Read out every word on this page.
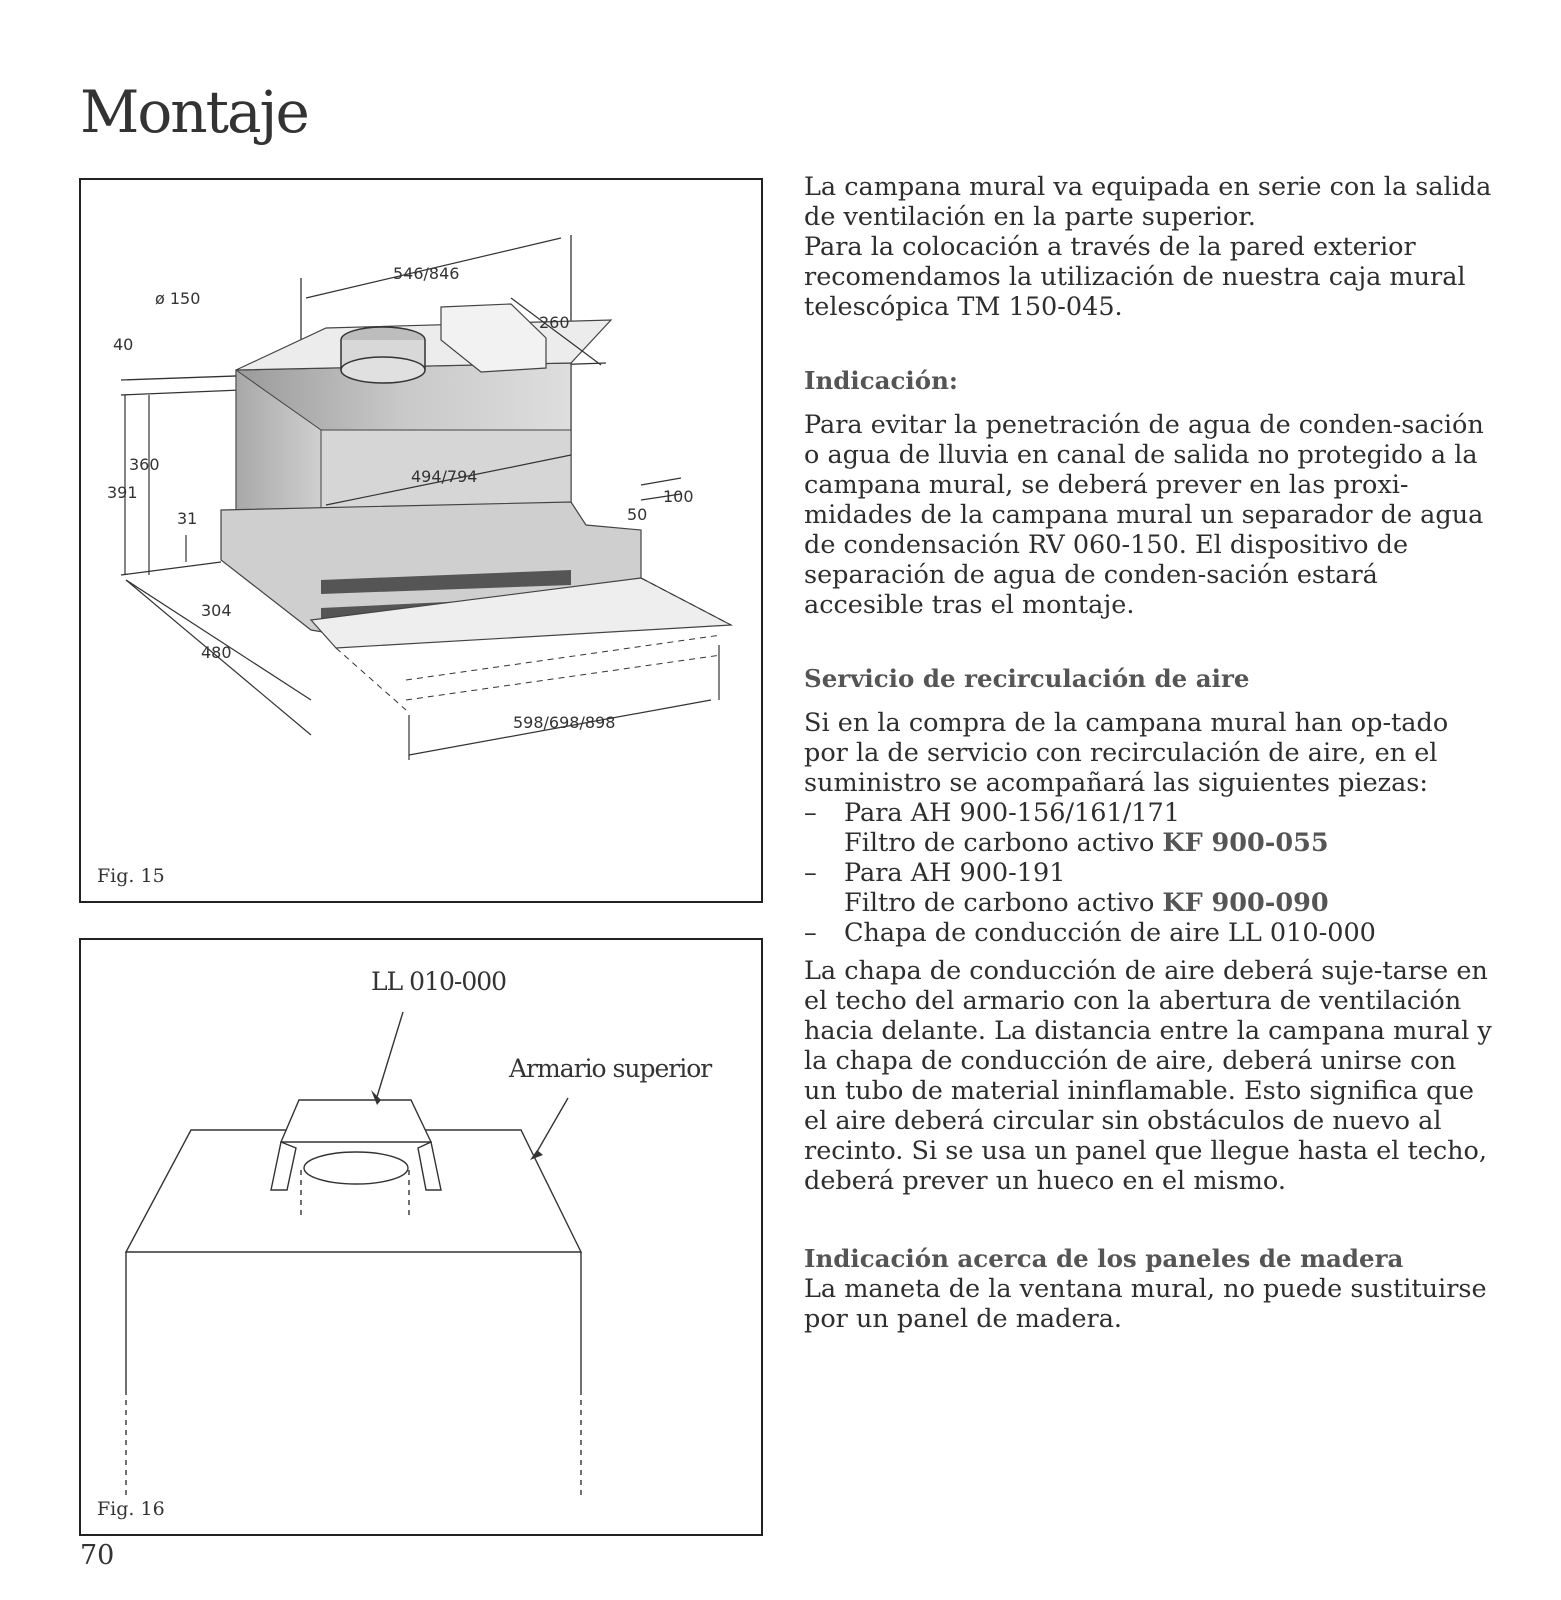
Montaje
546/846
ø 150
260
40
360
391
31
494/794
100
50
304
480
598/698/898
Fig. 15
LL 010-000
Armario superior
Fig. 16

La campana mural va equipada en serie con la salida de ventilación en la parte superior.

Para la colocación a través de la pared exterior recomendamos la utilización de nuestra caja mural telescópica TM 150-045.

Indicación:

Para evitar la penetración de agua de conden-sación o agua de lluvia en canal de salida no protegido a la campana mural, se deberá prever en las proxi-midades de la campana mural un separador de agua de condensación RV 060-150. El dispositivo de separación de agua de conden-sación estará accesible tras el montaje.

Servicio de recirculación de aire

Si en la compra de la campana mural han op-tado por la de servicio con recirculación de aire, en el suministro se acompañará las siguientes piezas:

– Para AH 900-156/161/171
Filtro de carbono activo KF 900-055
– Para AH 900-191
Filtro de carbono activo KF 900-090
– Chapa de conducción de aire LL 010-000

La chapa de conducción de aire deberá suje-tarse en el techo del armario con la abertura de ventilación hacia delante. La distancia entre la campana mural y la chapa de conducción de aire, deberá unirse con un tubo de material ininflamable. Esto significa que el aire deberá circular sin obstáculos de nuevo al recinto. Si se usa un panel que llegue hasta el techo, deberá prever un hueco en el mismo.

Indicación acerca de los paneles de madera

La maneta de la ventana mural, no puede sustituirse por un panel de madera.

70
